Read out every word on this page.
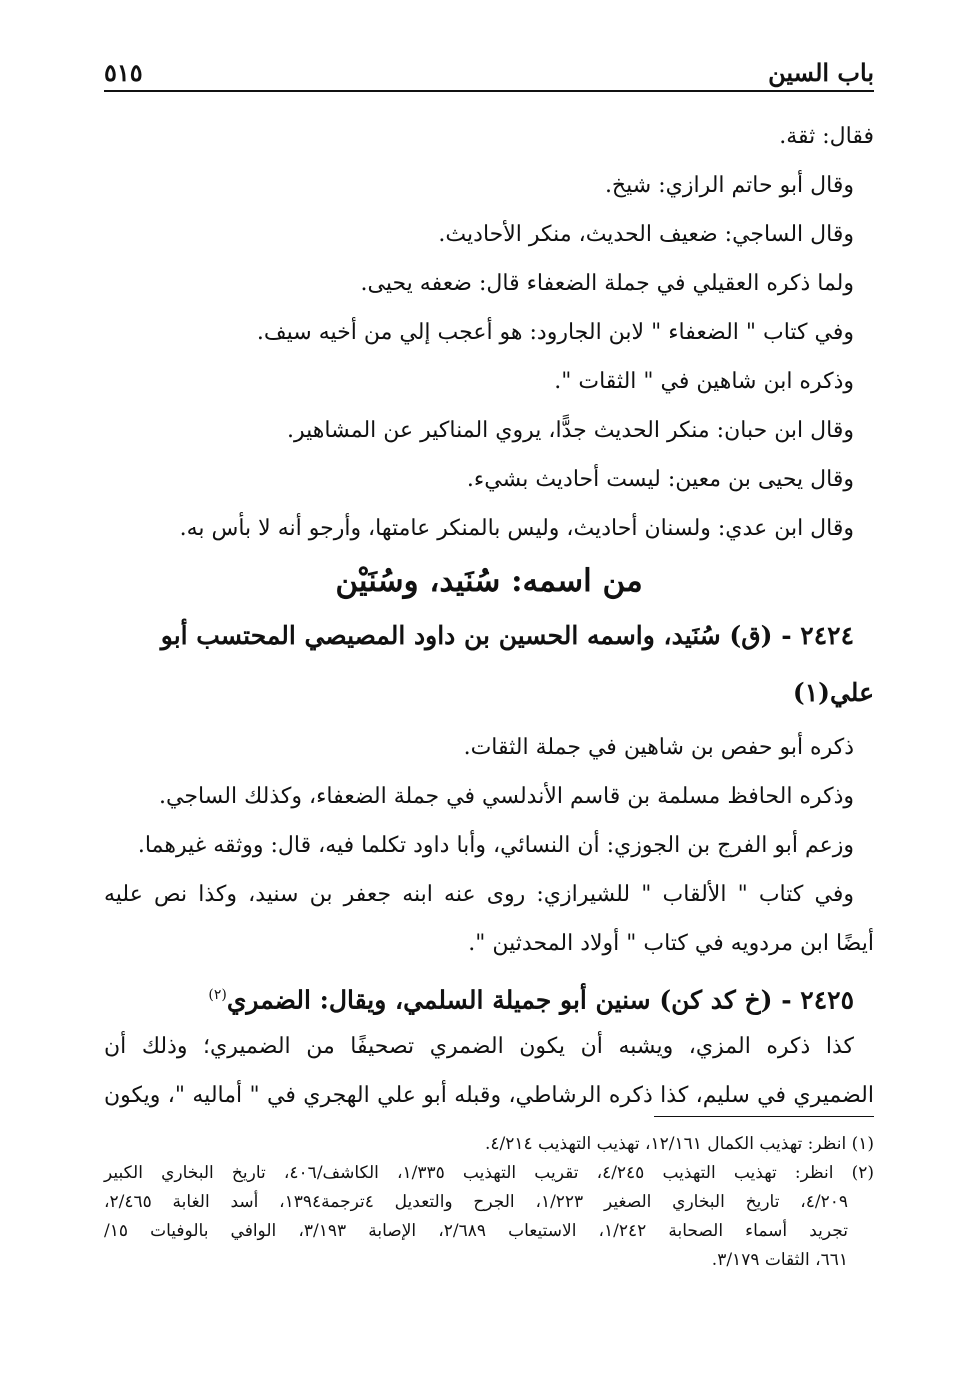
باب السين
٥١٥
فقال: ثقة.
وقال أبو حاتم الرازي: شيخ.
وقال الساجي: ضعيف الحديث، منكر الأحاديث.
ولما ذكره العقيلي في جملة الضعفاء قال: ضعفه يحيى.
وفي كتاب " الضعفاء " لابن الجارود: هو أعجب إلي من أخيه سيف.
وذكره ابن شاهين في " الثقات ".
وقال ابن حبان: منكر الحديث جدًّا، يروي المناكير عن المشاهير.
وقال يحيى بن معين: ليست أحاديث بشيء.
وقال ابن عدي: ولسنان أحاديث، وليس بالمنكر عامتها، وأرجو أنه لا بأس به.
من اسمه: سُنَيد، وسُنَيْن
٢٤٢٤ - (ق) سُنَيد، واسمه الحسين بن داود المصيصي المحتسب أبو
علي(١)
ذكره أبو حفص بن شاهين في جملة الثقات.
وذكره الحافظ مسلمة بن قاسم الأندلسي في جملة الضعفاء، وكذلك الساجي.
وزعم أبو الفرج بن الجوزي: أن النسائي، وأبا داود تكلما فيه، قال: ووثقه غيرهما.
وفي كتاب " الألقاب " للشيرازي: روى عنه ابنه جعفر بن سنيد، وكذا نص عليه
أيضًا ابن مردويه في كتاب " أولاد المحدثين ".
٢٤٢٥ - (خ كد كن) سنين أبو جميلة السلمي، ويقال: الضمري$^{(٢)}$
كذا ذكره المزي، ويشبه أن يكون الضمري تصحيفًا من الضميري؛ وذلك أن
الضميري في سليم، كذا ذكره الرشاطي، وقبله أبو علي الهجري في " أماليه "، ويكون
(١) انظر: تهذيب الكمال ١٢/١٦١، تهذيب التهذيب ٤/٢١٤.
(٢) انظر: تهذيب التهذيب ٤/٢٤٥، تقريب التهذيب ١/٣٣٥، الكاشف/٤٠٦، تاريخ البخاري الكبير
٤/٢٠٩، تاريخ البخاري الصغير ١/٢٢٣، الجرح والتعديل ٤ترجمة١٣٩٤، أسد الغابة ٢/٤٦٥،
تجريد أسماء الصحابة ١/٢٤٢، الاستيعاب ٢/٦٨٩، الإصابة ٣/١٩٣، الوافي بالوفيات ١٥/
٦٦١، الثقات ٣/١٧٩.
